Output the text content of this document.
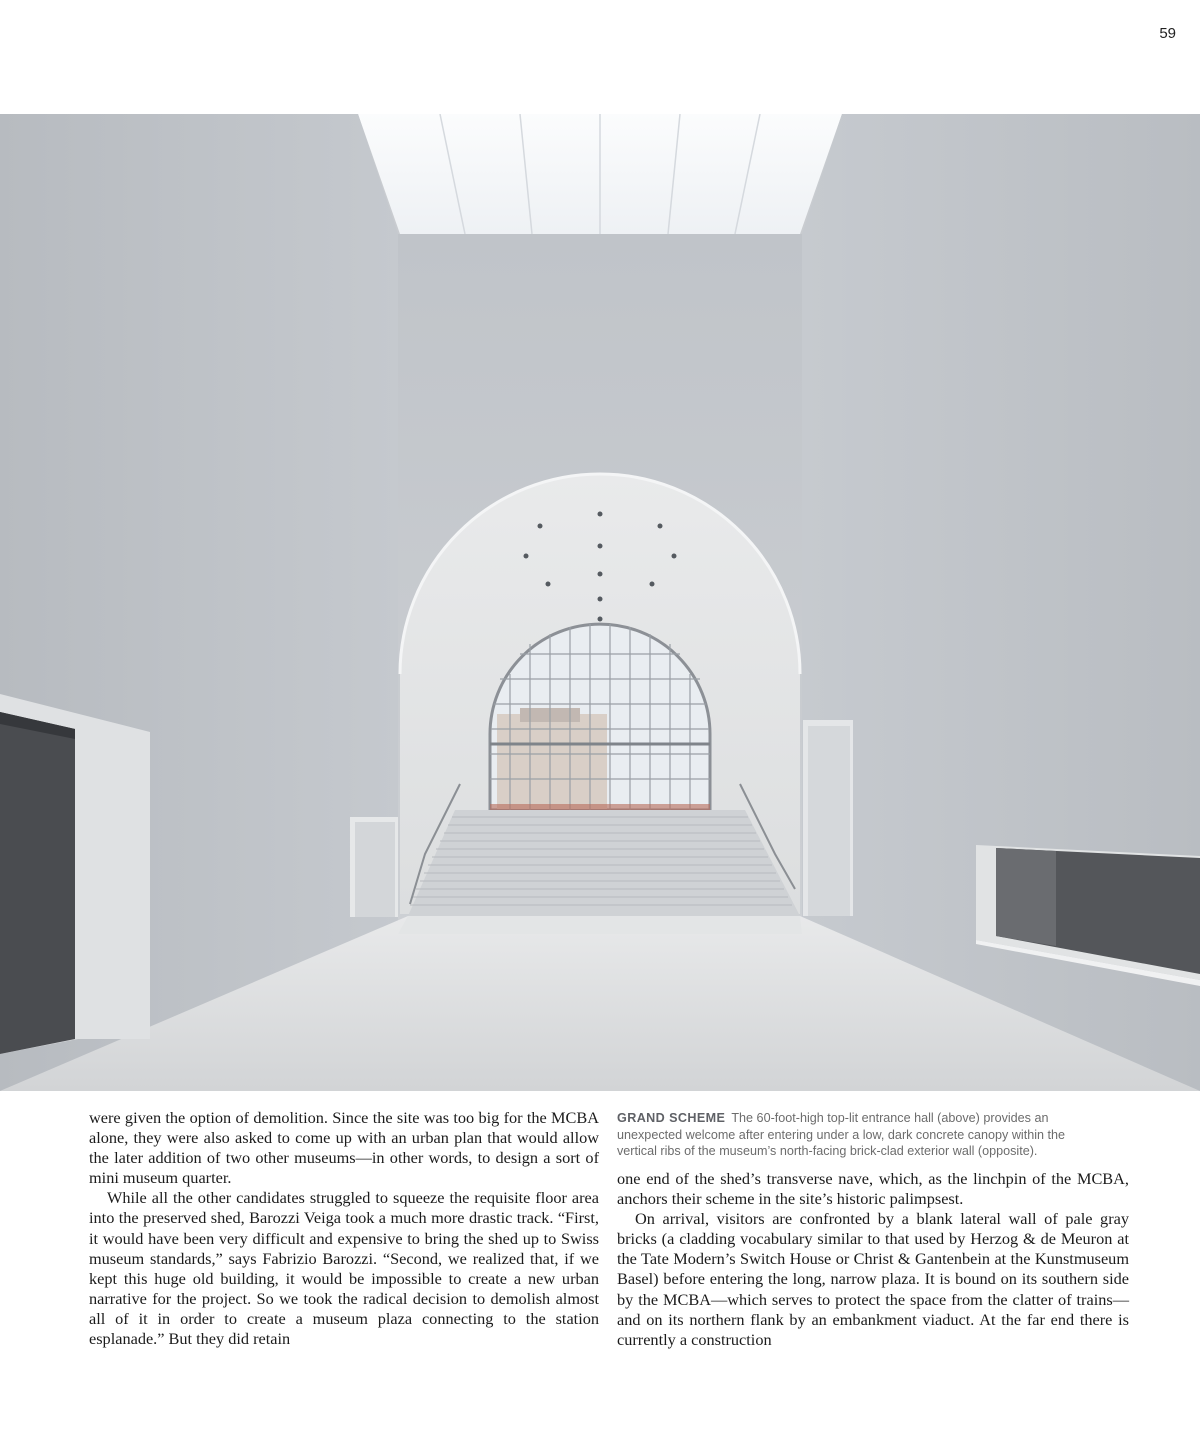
59
GRAND SCHEME The 60-foot-high top-lit entrance hall (above) provides an unexpected welcome after entering under a low, dark concrete canopy within the vertical ribs of the museum’s north-facing brick-clad exterior wall (opposite).

were given the option of demolition. Since the site was too big for the MCBA alone, they were also asked to come up with an urban plan that would allow the later addition of two other museums—in other words, to design a sort of mini museum quarter.

While all the other candidates struggled to squeeze the requisite floor area into the preserved shed, Barozzi Veiga took a much more drastic track. “First, it would have been very difficult and expensive to bring the shed up to Swiss museum standards,” says Fabrizio Barozzi. “Second, we realized that, if we kept this huge old building, it would be impossible to create a new urban narrative for the project. So we took the radical decision to demolish almost all of it in order to create a museum plaza connecting to the station esplanade.” But they did retain

one end of the shed’s transverse nave, which, as the linchpin of the MCBA, anchors their scheme in the site’s historic palimpsest.

On arrival, visitors are confronted by a blank lateral wall of pale gray bricks (a cladding vocabulary similar to that used by Herzog & de Meuron at the Tate Modern’s Switch House or Christ & Gantenbein at the Kunstmuseum Basel) before entering the long, narrow plaza. It is bound on its southern side by the MCBA—which serves to protect the space from the clatter of trains—and on its northern flank by an embankment viaduct. At the far end there is currently a construction
